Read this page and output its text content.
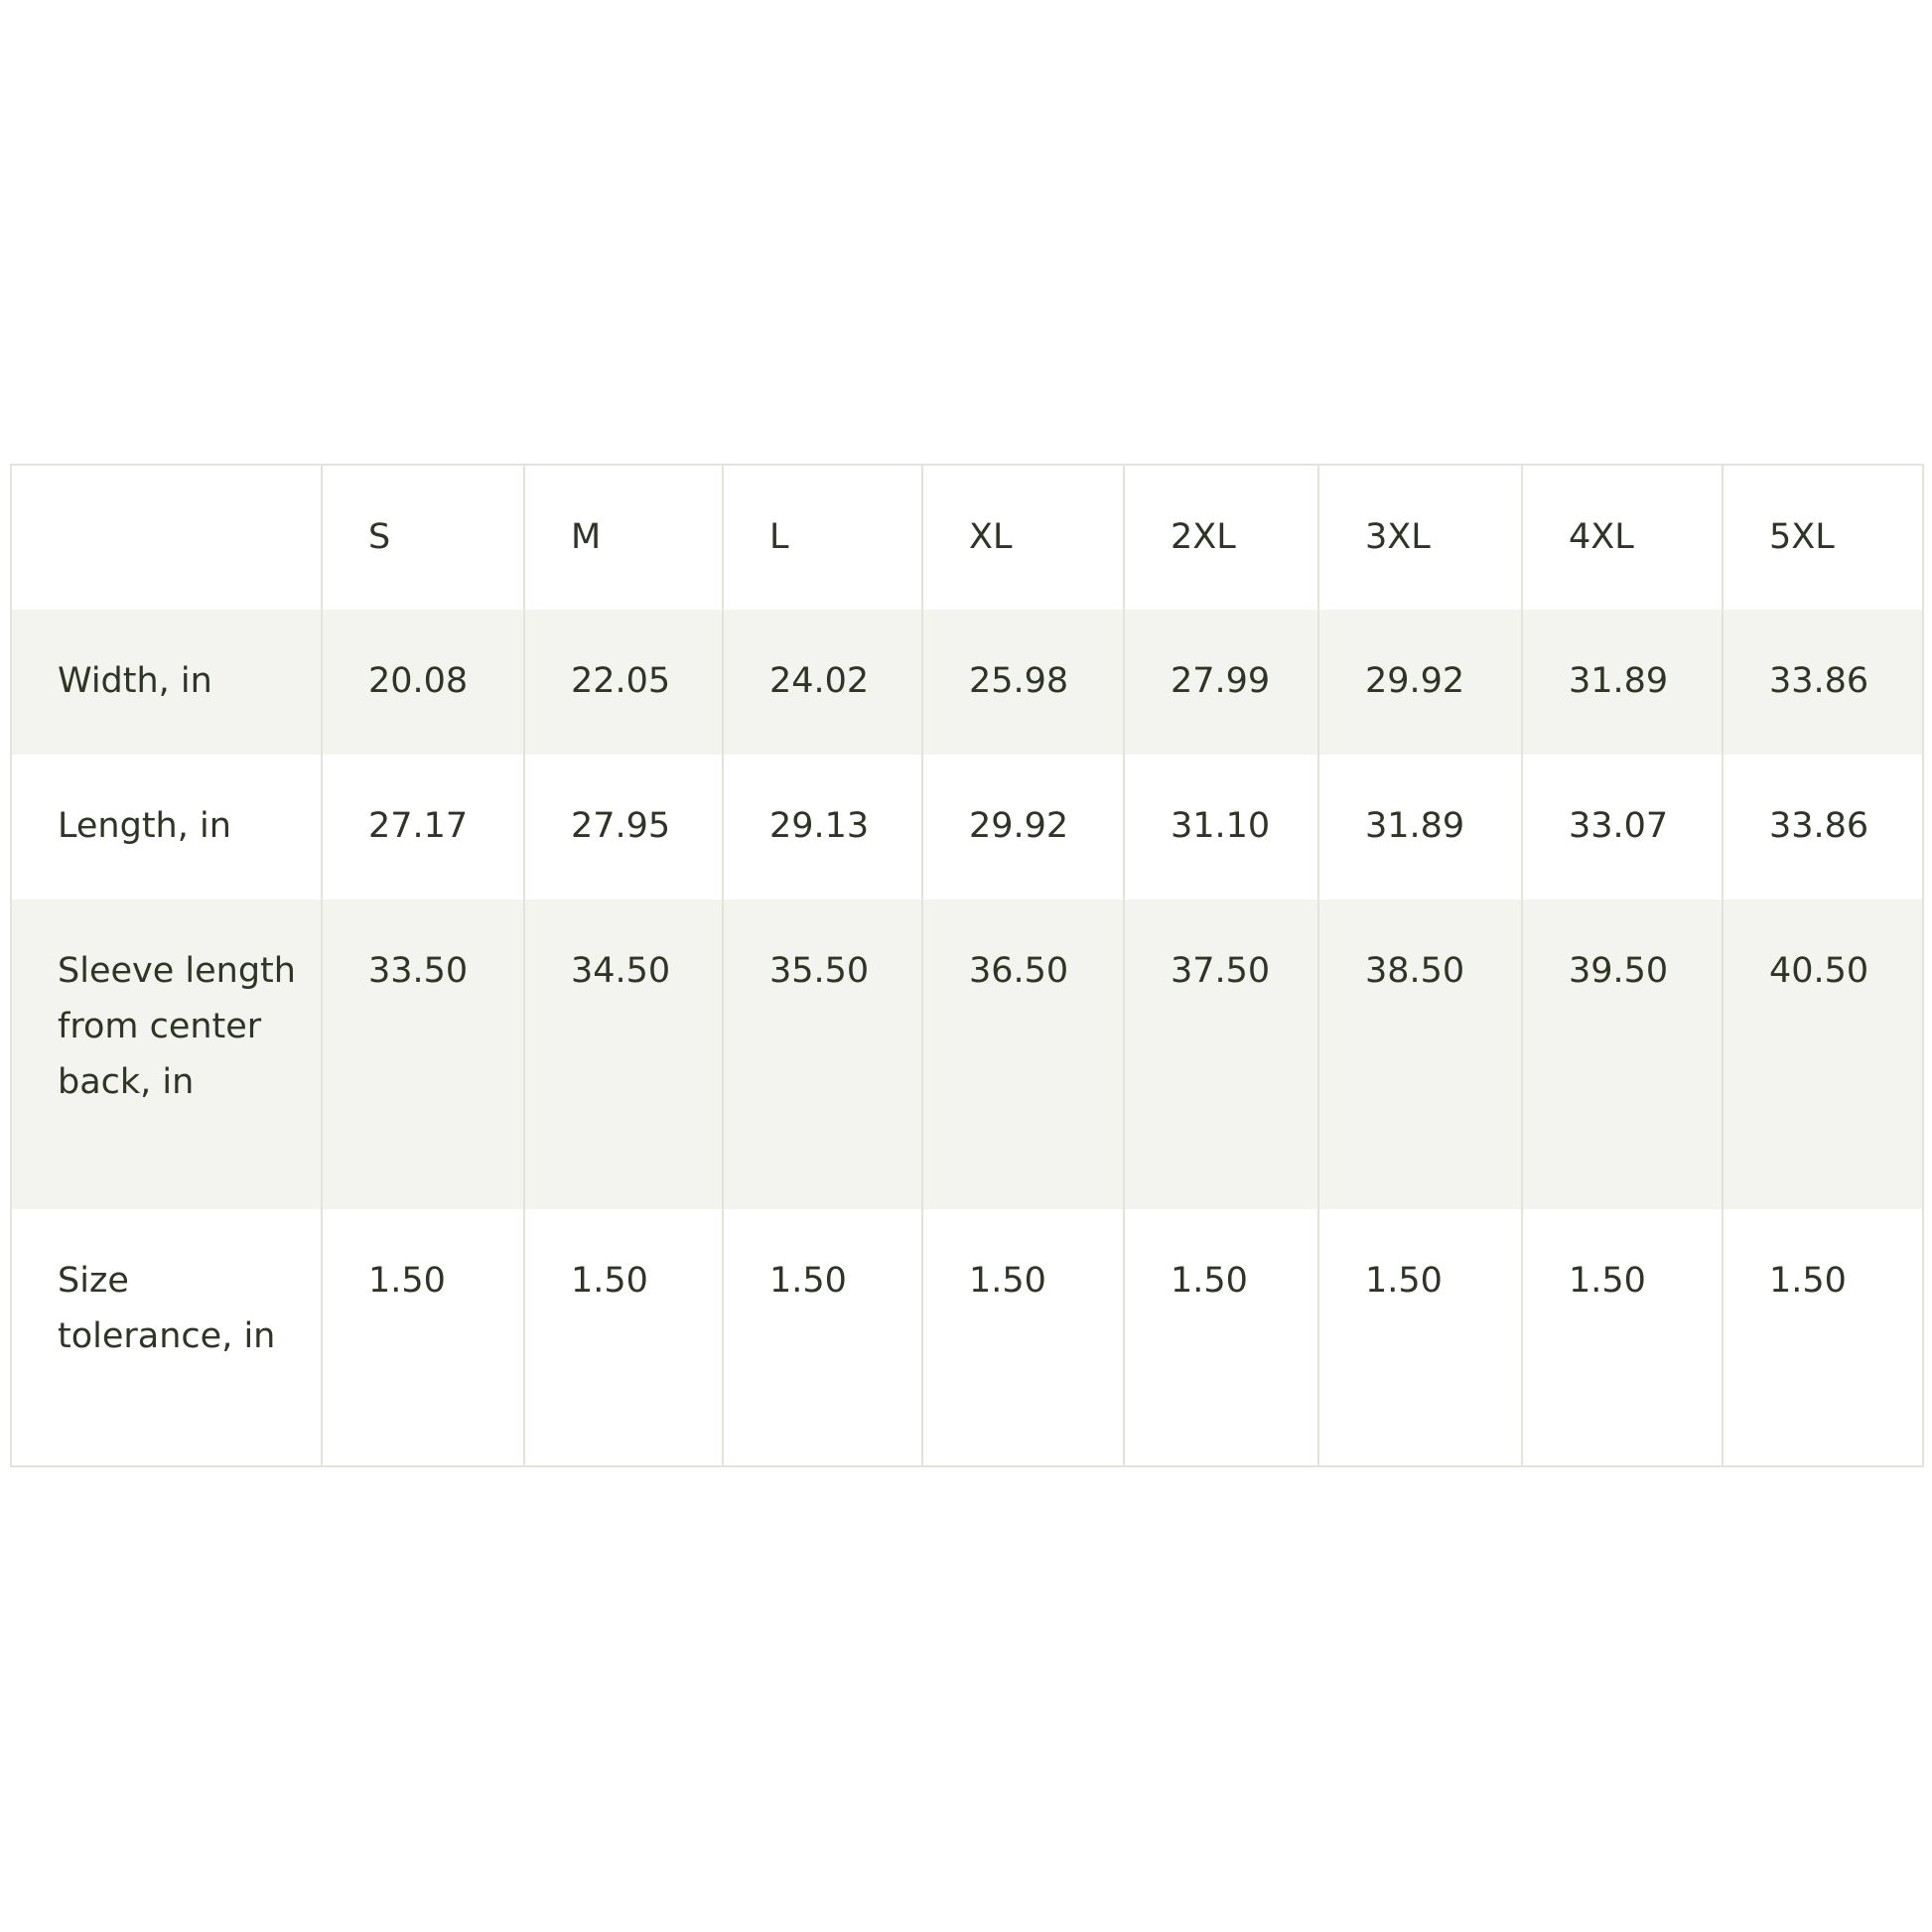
	S	M	L	XL	2XL	3XL	4XL	5XL
Width, in	20.08	22.05	24.02	25.98	27.99	29.92	31.89	33.86
Length, in	27.17	27.95	29.13	29.92	31.10	31.89	33.07	33.86
Sleeve length from center back, in	33.50	34.50	35.50	36.50	37.50	38.50	39.50	40.50
Size tolerance, in	1.50	1.50	1.50	1.50	1.50	1.50	1.50	1.50
